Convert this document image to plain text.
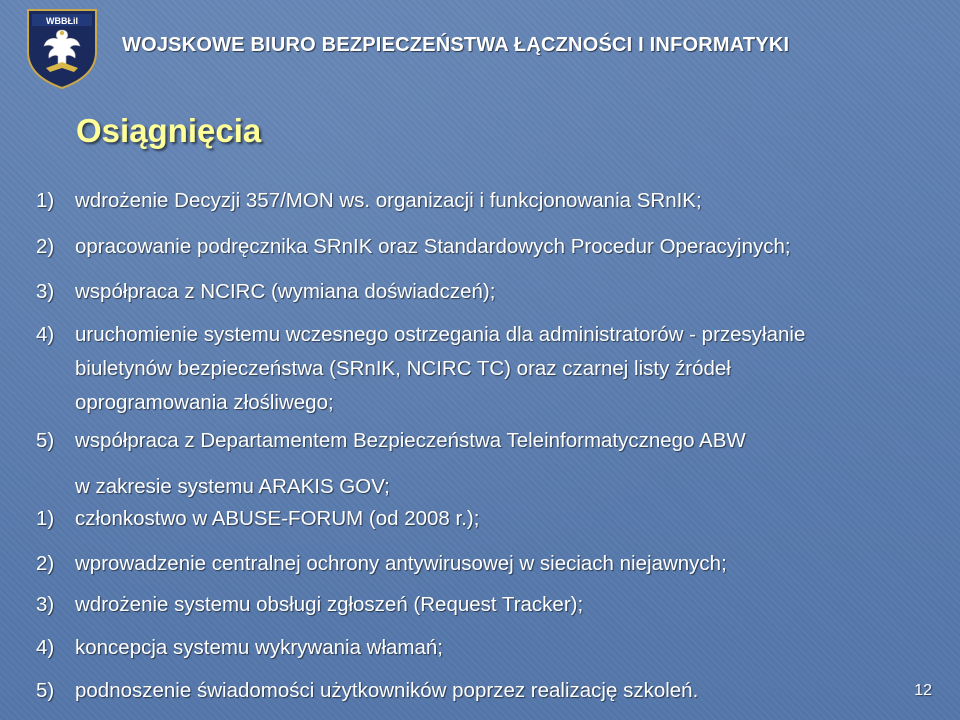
WBBŁiI
WOJSKOWE BIURO BEZPIECZEŃSTWA ŁĄCZNOŚCI I INFORMATYKI
Osiągnięcia
1)	wdrożenie Decyzji 357/MON ws. organizacji i funkcjonowania SRnIK;
2)	opracowanie podręcznika SRnIK oraz Standardowych Procedur Operacyjnych;
3)	współpraca z NCIRC (wymiana doświadczeń);
4)	uruchomienie systemu wczesnego ostrzegania dla administratorów - przesyłanie
biuletynów bezpieczeństwa (SRnIK, NCIRC TC) oraz czarnej listy źródeł
oprogramowania złośliwego;
5)	współpraca z Departamentem Bezpieczeństwa Teleinformatycznego ABW
w zakresie systemu ARAKIS GOV;
1)	członkostwo w ABUSE-FORUM (od 2008 r.);
2)	wprowadzenie centralnej ochrony antywirusowej w sieciach niejawnych;
3)	wdrożenie systemu obsługi zgłoszeń (Request Tracker);
4)	koncepcja systemu wykrywania włamań;
5)	podnoszenie świadomości użytkowników poprzez realizację szkoleń.	12
